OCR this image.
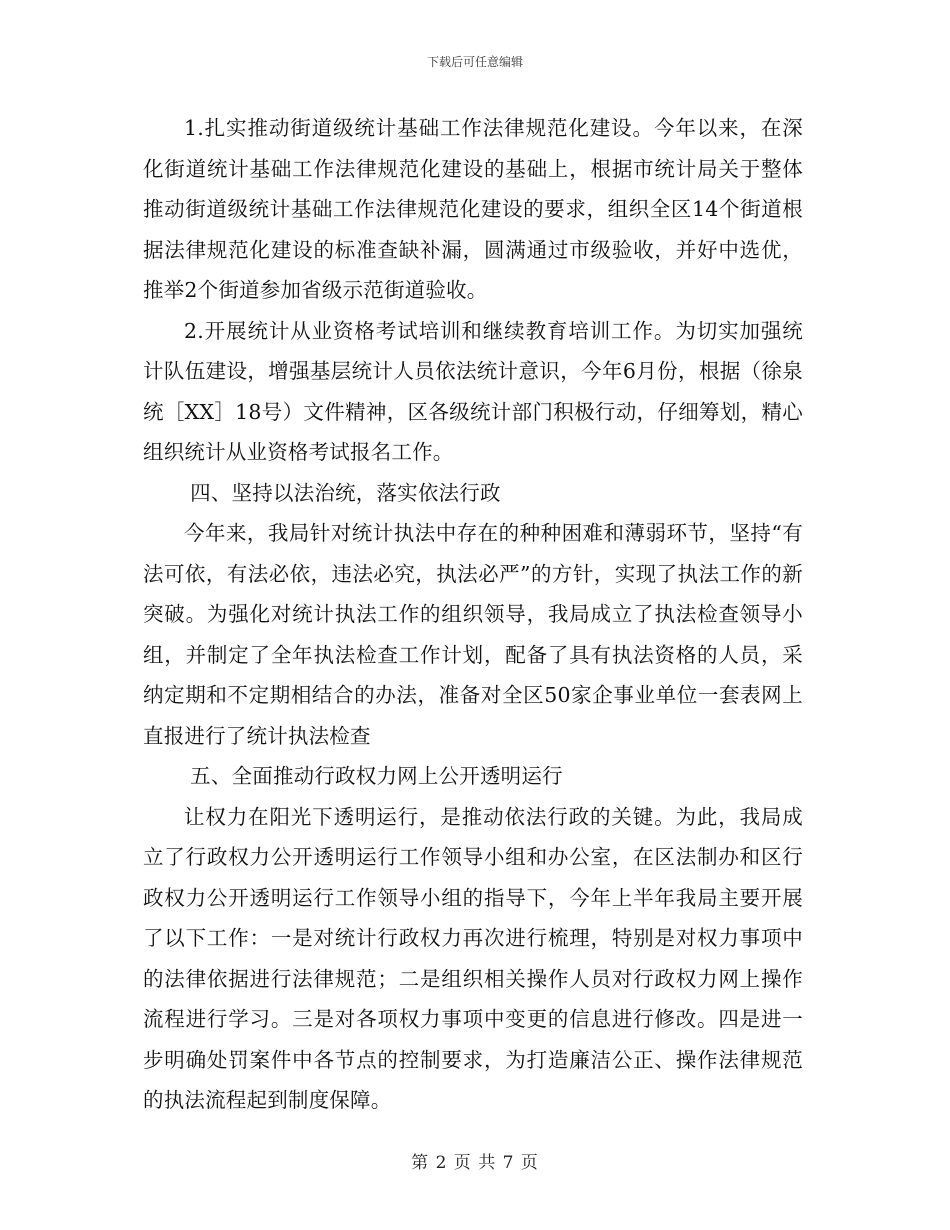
下载后可任意编辑

1.扎实推动街道级统计基础工作法律规范化建设。今年以来，在深化街道统计基础工作法律规范化建设的基础上，根据市统计局关于整体推动街道级统计基础工作法律规范化建设的要求，组织全区14个街道根据法律规范化建设的标准查缺补漏，圆满通过市级验收，并好中选优，推举2个街道参加省级示范街道验收。

2.开展统计从业资格考试培训和继续教育培训工作。为切实加强统计队伍建设，增强基层统计人员依法统计意识，今年6月份，根据（徐泉统［XX］18号）文件精神，区各级统计部门积极行动，仔细筹划，精心组织统计从业资格考试报名工作。

四、坚持以法治统，落实依法行政

今年来，我局针对统计执法中存在的种种困难和薄弱环节，坚持“有法可依，有法必依，违法必究，执法必严”的方针，实现了执法工作的新突破。为强化对统计执法工作的组织领导，我局成立了执法检查领导小组，并制定了全年执法检查工作计划，配备了具有执法资格的人员，采纳定期和不定期相结合的办法，准备对全区50家企事业单位一套表网上直报进行了统计执法检查

五、全面推动行政权力网上公开透明运行

让权力在阳光下透明运行，是推动依法行政的关键。为此，我局成立了行政权力公开透明运行工作领导小组和办公室，在区法制办和区行政权力公开透明运行工作领导小组的指导下，今年上半年我局主要开展了以下工作：一是对统计行政权力再次进行梳理，特别是对权力事项中的法律依据进行法律规范；二是组织相关操作人员对行政权力网上操作流程进行学习。三是对各项权力事项中变更的信息进行修改。四是进一步明确处罚案件中各节点的控制要求，为打造廉洁公正、操作法律规范的执法流程起到制度保障。

第 2 页 共 7 页
